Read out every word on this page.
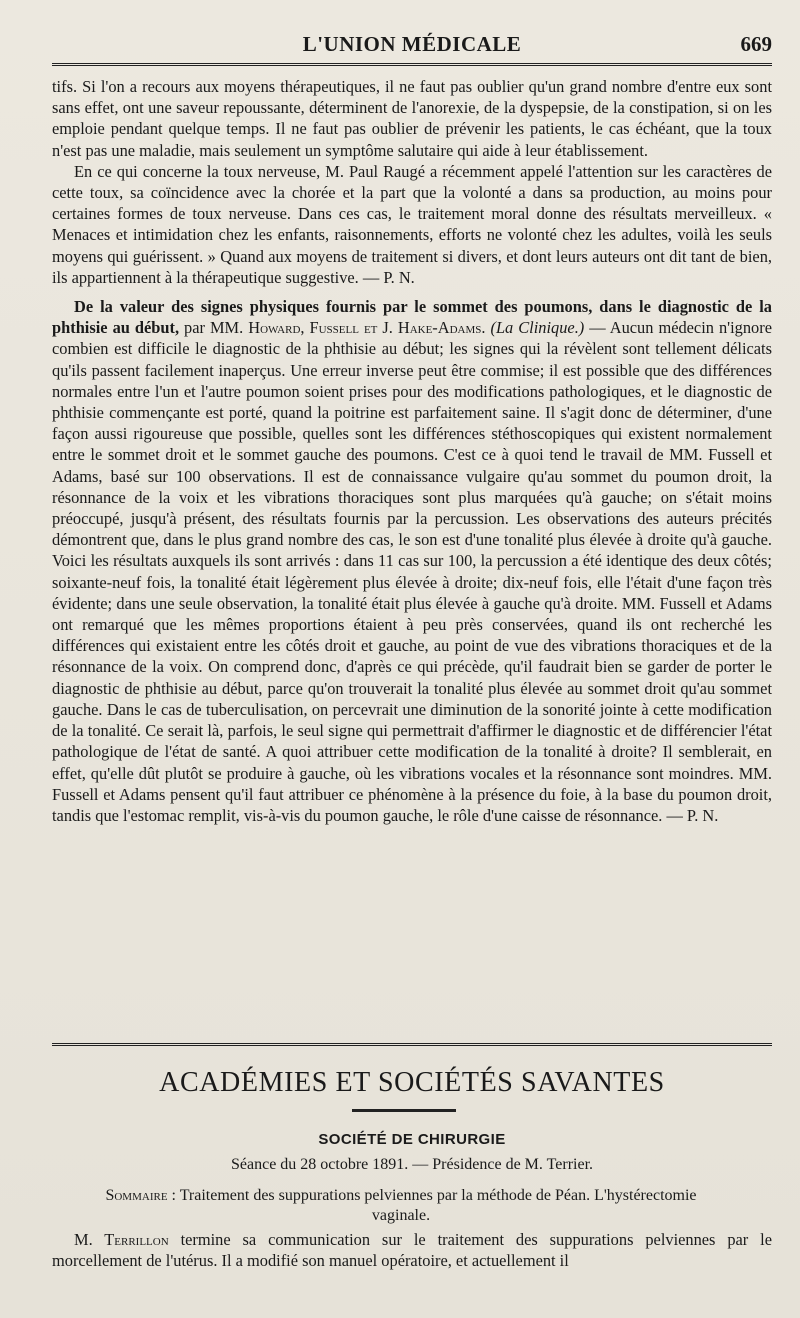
L'UNION MÉDICALE	669

tifs. Si l'on a recours aux moyens thérapeutiques, il ne faut pas oublier qu'un grand nombre d'entre eux sont sans effet, ont une saveur repoussante, déterminent de l'anorexie, de la dyspepsie, de la constipation, si on les emploie pendant quelque temps. Il ne faut pas oublier de prévenir les patients, le cas échéant, que la toux n'est pas une maladie, mais seulement un symptôme salutaire qui aide à leur établissement.

En ce qui concerne la toux nerveuse, M. Paul Raugé a récemment appelé l'attention sur les caractères de cette toux, sa coïncidence avec la chorée et la part que la volonté a dans sa production, au moins pour certaines formes de toux nerveuse. Dans ces cas, le traitement moral donne des résultats merveilleux. « Menaces et intimidation chez les enfants, raisonnements, efforts ne volonté chez les adultes, voilà les seuls moyens qui guérissent. » Quand aux moyens de traitement si divers, et dont leurs auteurs ont dit tant de bien, ils appartiennent à la thérapeutique suggestive. — P. N.

De la valeur des signes physiques fournis par le sommet des poumons, dans le diagnostic de la phthisie au début, par MM. Howard, Fussell et J. Hake-Adams. (La Clinique.) — Aucun médecin n'ignore combien est difficile le diagnostic de la phthisie au début; les signes qui la révèlent sont tellement délicats qu'ils passent facilement inaperçus. Une erreur inverse peut être commise; il est possible que des différences normales entre l'un et l'autre poumon soient prises pour des modifications pathologiques, et le diagnostic de phthisie commençante est porté, quand la poitrine est parfaitement saine. Il s'agit donc de déterminer, d'une façon aussi rigoureuse que possible, quelles sont les différences stéthoscopiques qui existent normalement entre le sommet droit et le sommet gauche des poumons. C'est ce à quoi tend le travail de MM. Fussell et Adams, basé sur 100 observations. Il est de connaissance vulgaire qu'au sommet du poumon droit, la résonnance de la voix et les vibrations thoraciques sont plus marquées qu'à gauche; on s'était moins préoccupé, jusqu'à présent, des résultats fournis par la percussion. Les observations des auteurs précités démontrent que, dans le plus grand nombre des cas, le son est d'une tonalité plus élevée à droite qu'à gauche. Voici les résultats auxquels ils sont arrivés : dans 11 cas sur 100, la percussion a été identique des deux côtés; soixante-neuf fois, la tonalité était légèrement plus élevée à droite; dix-neuf fois, elle l'était d'une façon très évidente; dans une seule observation, la tonalité était plus élevée à gauche qu'à droite. MM. Fussell et Adams ont remarqué que les mêmes proportions étaient à peu près conservées, quand ils ont recherché les différences qui existaient entre les côtés droit et gauche, au point de vue des vibrations thoraciques et de la résonnance de la voix. On comprend donc, d'après ce qui précède, qu'il faudrait bien se garder de porter le diagnostic de phthisie au début, parce qu'on trouverait la tonalité plus élevée au sommet droit qu'au sommet gauche. Dans le cas de tuberculisation, on percevrait une diminution de la sonorité jointe à cette modification de la tonalité. Ce serait là, parfois, le seul signe qui permettrait d'affirmer le diagnostic et de différencier l'état pathologique de l'état de santé. A quoi attribuer cette modification de la tonalité à droite? Il semblerait, en effet, qu'elle dût plutôt se produire à gauche, où les vibrations vocales et la résonnance sont moindres. MM. Fussell et Adams pensent qu'il faut attribuer ce phénomène à la présence du foie, à la base du poumon droit, tandis que l'estomac remplit, vis-à-vis du poumon gauche, le rôle d'une caisse de résonnance. — P. N.

ACADÉMIES ET SOCIÉTÉS SAVANTES
SOCIÉTÉ DE CHIRURGIE
Séance du 28 octobre 1891. — Présidence de M. Terrier.
Sommaire : Traitement des suppurations pelviennes par la méthode de Péan. L'hystérectomie vaginale.

M. Terrillon termine sa communication sur le traitement des suppurations pelviennes par le morcellement de l'utérus. Il a modifié son manuel opératoire, et actuellement il
